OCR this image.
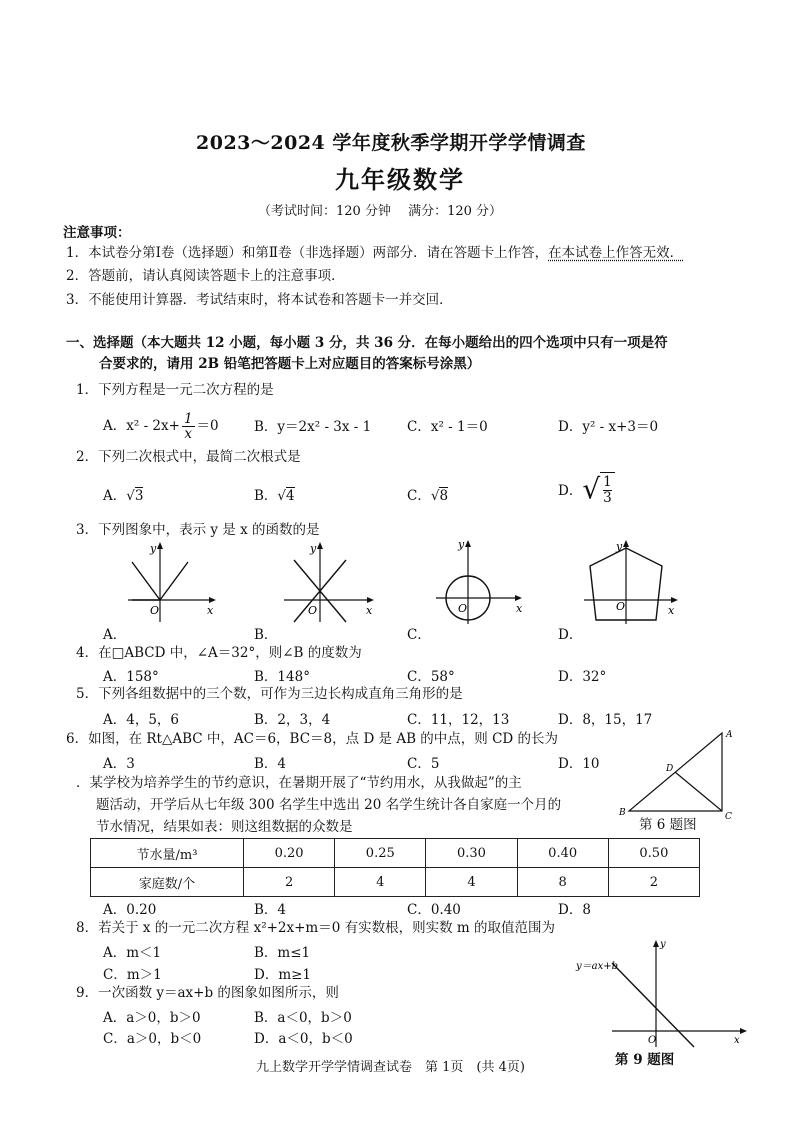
2023～2024 学年度秋季学期开学学情调查
九年级数学
（考试时间：120 分钟　 满分：120 分）
注意事项：
1．本试卷分第Ⅰ卷（选择题）和第Ⅱ卷（非选择题）两部分．请在答题卡上作答，在本试卷上作答无效．
2．答题前，请认真阅读答题卡上的注意事项．
3．不能使用计算器．考试结束时，将本试卷和答题卡一并交回．
一、选择题（本大题共 12 小题，每小题 3 分，共 36 分．在每小题给出的四个选项中只有一项是符
合要求的，请用 2B 铅笔把答题卡上对应题目的答案标号涂黑）
1．下列方程是一元二次方程的是
A．$x^2 - 2x+ \frac{1}{x} =0$	B．y＝2x² - 3x - 1	C．x² - 1＝0	D．y² - x+3＝0
2．下列二次根式中，最简二次根式是
A．√3	B．√4	C．√8	D．√ $\frac{1}{3}$
3．下列图象中，表示 y 是 x 的函数的是
O	x
y
A．
O	x
y
B．
O	x
y
C．
O	x
y
D．
4．在□ABCD 中，∠A＝32°，则∠B 的度数为
A．158°	B．148°	C．58°	D．32°
5．下列各组数据中的三个数，可作为三边长构成直角三角形的是
A．4，5，6	B．2，3，4	C．11，12，13	D．8，15，17
6．如图，在 Rt△ABC 中，AC＝6，BC＝8，点 D 是 AB 的中点，则 CD 的长为
A．3	B．4	C．5	D．10
A
B	C
D
第 6 题图
．某学校为培养学生的节约意识，在暑期开展了“节约用水，从我做起”的主
题活动，开学后从七年级 300 名学生中选出 20 名学生统计各自家庭一个月的
节水情况，结果如表：则这组数据的众数是
节水量/m³	0.20	0.25	0.30	0.40	0.50
家庭数/个	2	4	4	8	2
A．0.20	B．4	C．0.40	D．8
8．若关于 x 的一元二次方程 x²+2x+m＝0 有实数根，则实数 m 的取值范围为
A．m＜1	B．m≤1
C．m＞1	D．m≥1
9．一次函数 y＝ax+b 的图象如图所示，则
A．a＞0，b＞0	B．a＜0，b＞0
C．a＞0，b＜0	D．a＜0，b＜0
y＝ax+b
y
O	x
第 9 题图
九上数学开学学情调查试卷　第 1页　(共 4页)
